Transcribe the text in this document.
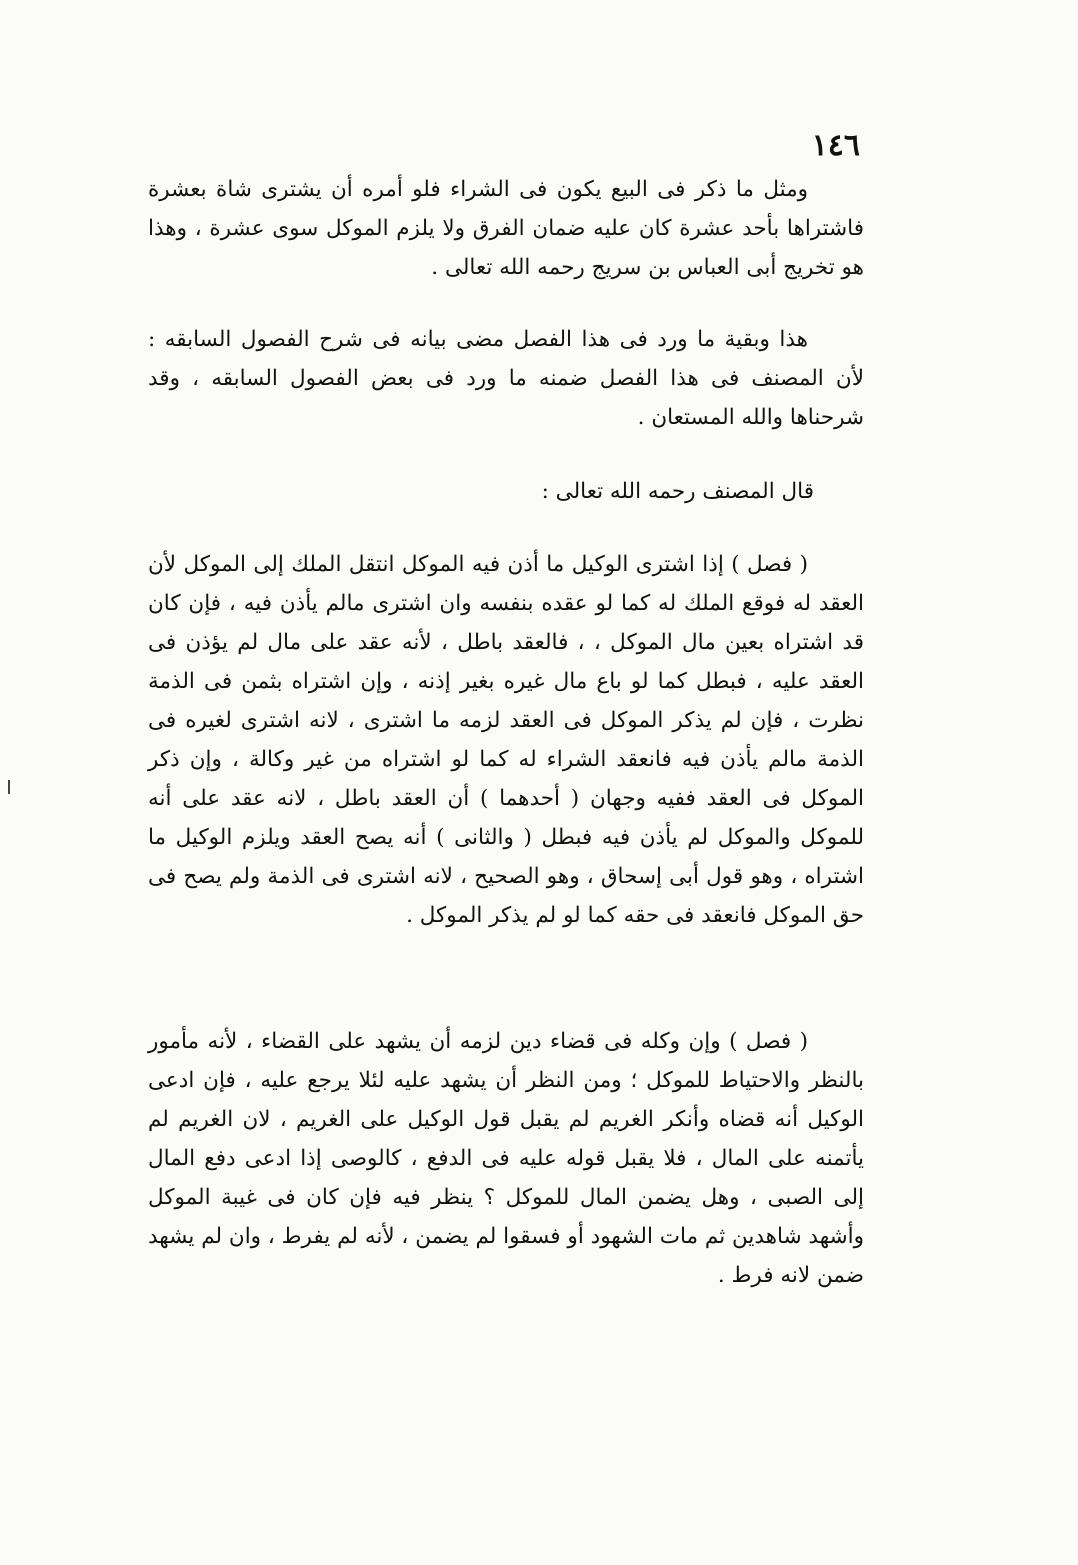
١٤٦

ومثل ما ذكر فى البيع يكون فى الشراء فلو أمره أن يشترى شاة بعشرة فاشتراها بأحد عشرة كان عليه ضمان الفرق ولا يلزم الموكل سوى عشرة ، وهذا هو تخريج أبى العباس بن سريج رحمه الله تعالى .

هذا وبقية ما ورد فى هذا الفصل مضى بيانه فى شرح الفصول السابقه : لأن المصنف فى هذا الفصل ضمنه ما ورد فى بعض الفصول السابقه ، وقد شرحناها والله المستعان .

قال المصنف رحمه الله تعالى :

( فصل ) إذا اشترى الوكيل ما أذن فيه الموكل انتقل الملك إلى الموكل لأن العقد له فوقع الملك له كما لو عقده بنفسه وان اشترى مالم يأذن فيه ، فإن كان قد اشتراه بعين مال الموكل ، ، فالعقد باطل ، لأنه عقد على مال لم يؤذن فى العقد عليه ، فبطل كما لو باع مال غيره بغير إذنه ، وإن اشتراه بثمن فى الذمة نظرت ، فإن لم يذكر الموكل فى العقد لزمه ما اشترى ، لانه اشترى لغيره فى الذمة مالم يأذن فيه فانعقد الشراء له كما لو اشتراه من غير وكالة ، وإن ذكر الموكل فى العقد ففيه وجهان ( أحدهما ) أن العقد باطل ، لانه عقد على أنه للموكل والموكل لم يأذن فيه فبطل ( والثانى ) أنه يصح العقد ويلزم الوكيل ما اشتراه ، وهو قول أبى إسحاق ، وهو الصحيح ، لانه اشترى فى الذمة ولم يصح فى حق الموكل فانعقد فى حقه كما لو لم يذكر الموكل .

( فصل ) وإن وكله فى قضاء دين لزمه أن يشهد على القضاء ، لأنه مأمور بالنظر والاحتياط للموكل ؛ ومن النظر أن يشهد عليه لئلا يرجع عليه ، فإن ادعى الوكيل أنه قضاه وأنكر الغريم لم يقبل قول الوكيل على الغريم ، لان الغريم لم يأتمنه على المال ، فلا يقبل قوله عليه فى الدفع ، كالوصى إذا ادعى دفع المال إلى الصبى ، وهل يضمن المال للموكل ؟ ينظر فيه فإن كان فى غيبة الموكل وأشهد شاهدين ثم مات الشهود أو فسقوا لم يضمن ، لأنه لم يفرط ، وان لم يشهد ضمن لانه فرط .
